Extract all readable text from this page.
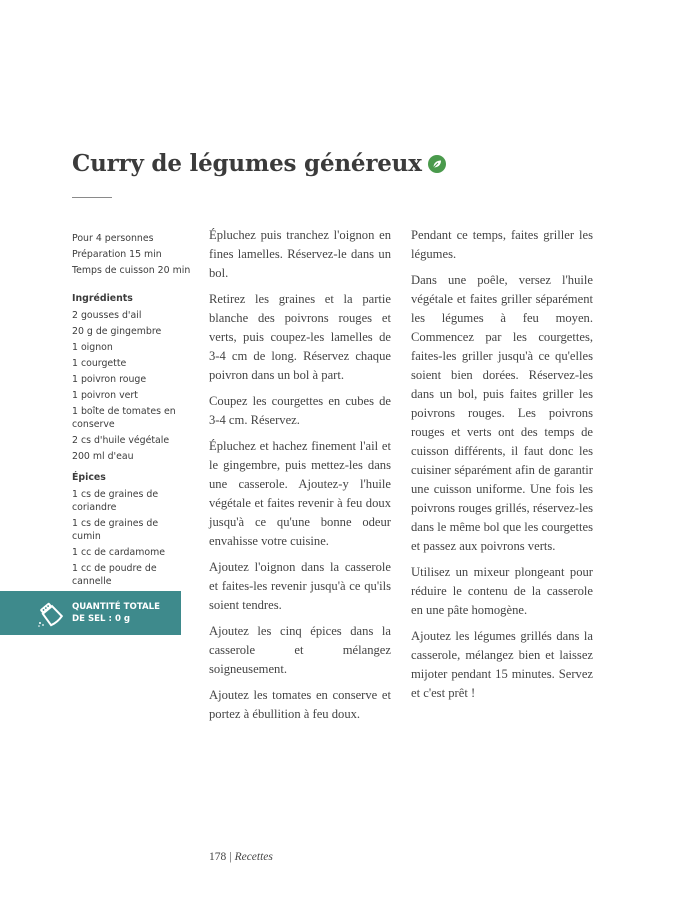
Curry de légumes généreux
Pour 4 personnes
Préparation 15 min
Temps de cuisson 20 min
Ingrédients
2 gousses d'ail
20 g de gingembre
1 oignon
1 courgette
1 poivron rouge
1 poivron vert
1 boîte de tomates en conserve
2 cs d'huile végétale
200 ml d'eau
Épices
1 cs de graines de coriandre
1 cs de graines de cumin
1 cc de cardamome
1 cc de poudre de cannelle
QUANTITÉ TOTALE
DE SEL : 0 g

Épluchez puis tranchez l'oignon en fines lamelles. Réservez-le dans un bol.

Retirez les graines et la partie blanche des poivrons rouges et verts, puis coupez-les lamelles de 3-4 cm de long. Réservez chaque poivron dans un bol à part.

Coupez les courgettes en cubes de 3-4 cm. Réservez.

Épluchez et hachez finement l'ail et le gingembre, puis mettez-les dans une casserole. Ajoutez-y l'huile végétale et faites revenir à feu doux jusqu'à ce qu'une bonne odeur envahisse votre cuisine.

Ajoutez l'oignon dans la casserole et faites-les revenir jusqu'à ce qu'ils soient tendres.

Ajoutez les cinq épices dans la casserole et mélangez soigneusement.

Ajoutez les tomates en conserve et portez à ébullition à feu doux.

Pendant ce temps, faites griller les légumes.

Dans une poêle, versez l'huile végétale et faites griller séparément les légumes à feu moyen. Commencez par les courgettes, faites-les griller jusqu'à ce qu'elles soient bien dorées. Réservez-les dans un bol, puis faites griller les poivrons rouges. Les poivrons rouges et verts ont des temps de cuisson différents, il faut donc les cuisiner séparément afin de garantir une cuisson uniforme. Une fois les poivrons rouges grillés, réservez-les dans le même bol que les courgettes et passez aux poivrons verts.

Utilisez un mixeur plongeant pour réduire le contenu de la casserole en une pâte homogène.

Ajoutez les légumes grillés dans la casserole, mélangez bien et laissez mijoter pendant 15 minutes. Servez et c'est prêt !

178 | Recettes
